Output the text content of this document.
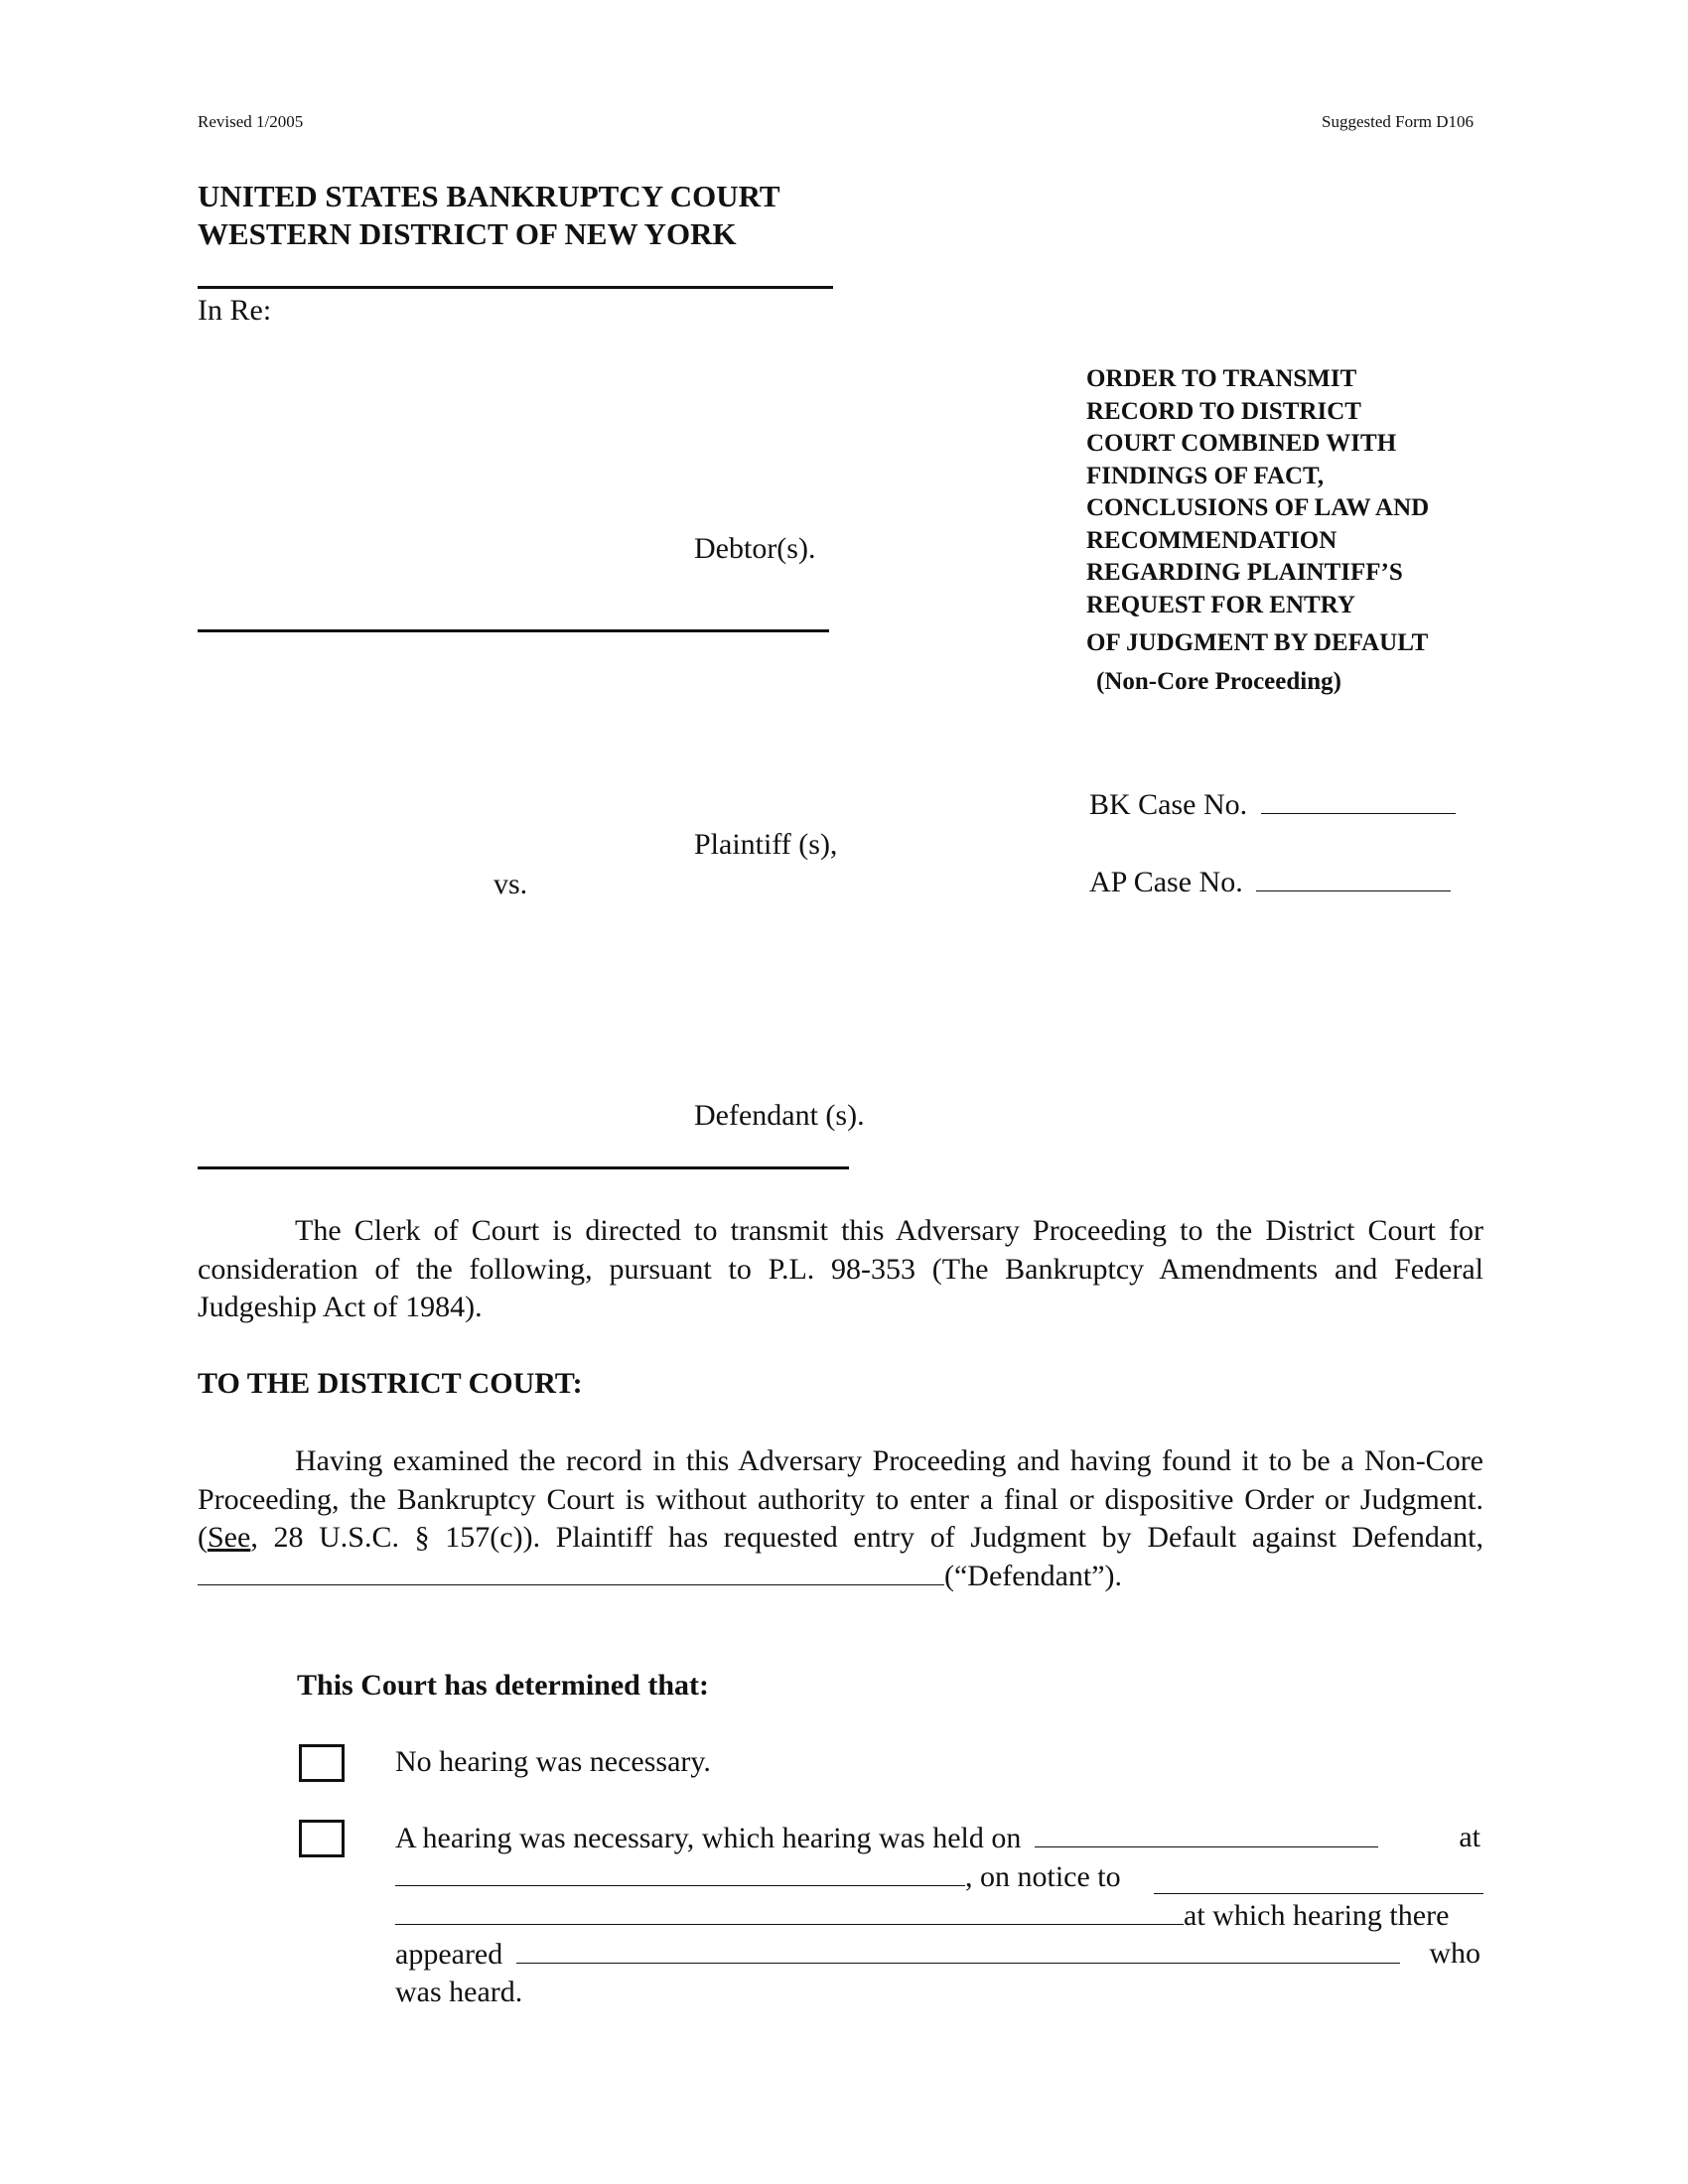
Revised 1/2005	Suggested Form D106
UNITED STATES BANKRUPTCY COURT
WESTERN DISTRICT OF NEW YORK
In Re:
Debtor(s).
Plaintiff (s),
vs.
Defendant (s).
ORDER TO TRANSMIT
RECORD TO DISTRICT
COURT COMBINED WITH
FINDINGS OF FACT,
CONCLUSIONS OF LAW AND
RECOMMENDATION
REGARDING PLAINTIFF’S
REQUEST FOR ENTRY
OF JUDGMENT BY DEFAULT
(Non-Core Proceeding)
BK Case No.
AP Case No.
The Clerk of Court is directed to transmit this Adversary Proceeding to the District Court for consideration of the following, pursuant to P.L. 98-353 (The Bankruptcy Amendments and Federal Judgeship Act of 1984).
TO THE DISTRICT COURT:
Having examined the record in this Adversary Proceeding and having found it to be a Non-Core Proceeding, the Bankruptcy Court is without authority to enter a final or dispositive Order or Judgment. (See, 28 U.S.C. § 157(c)). Plaintiff has requested entry of Judgment by Default against Defendant,(“Defendant”).
This Court has determined that:
No hearing was necessary.
A hearing was necessary, which hearing was held on	at
, on notice to
at which hearing there
appeared	who
was heard.
